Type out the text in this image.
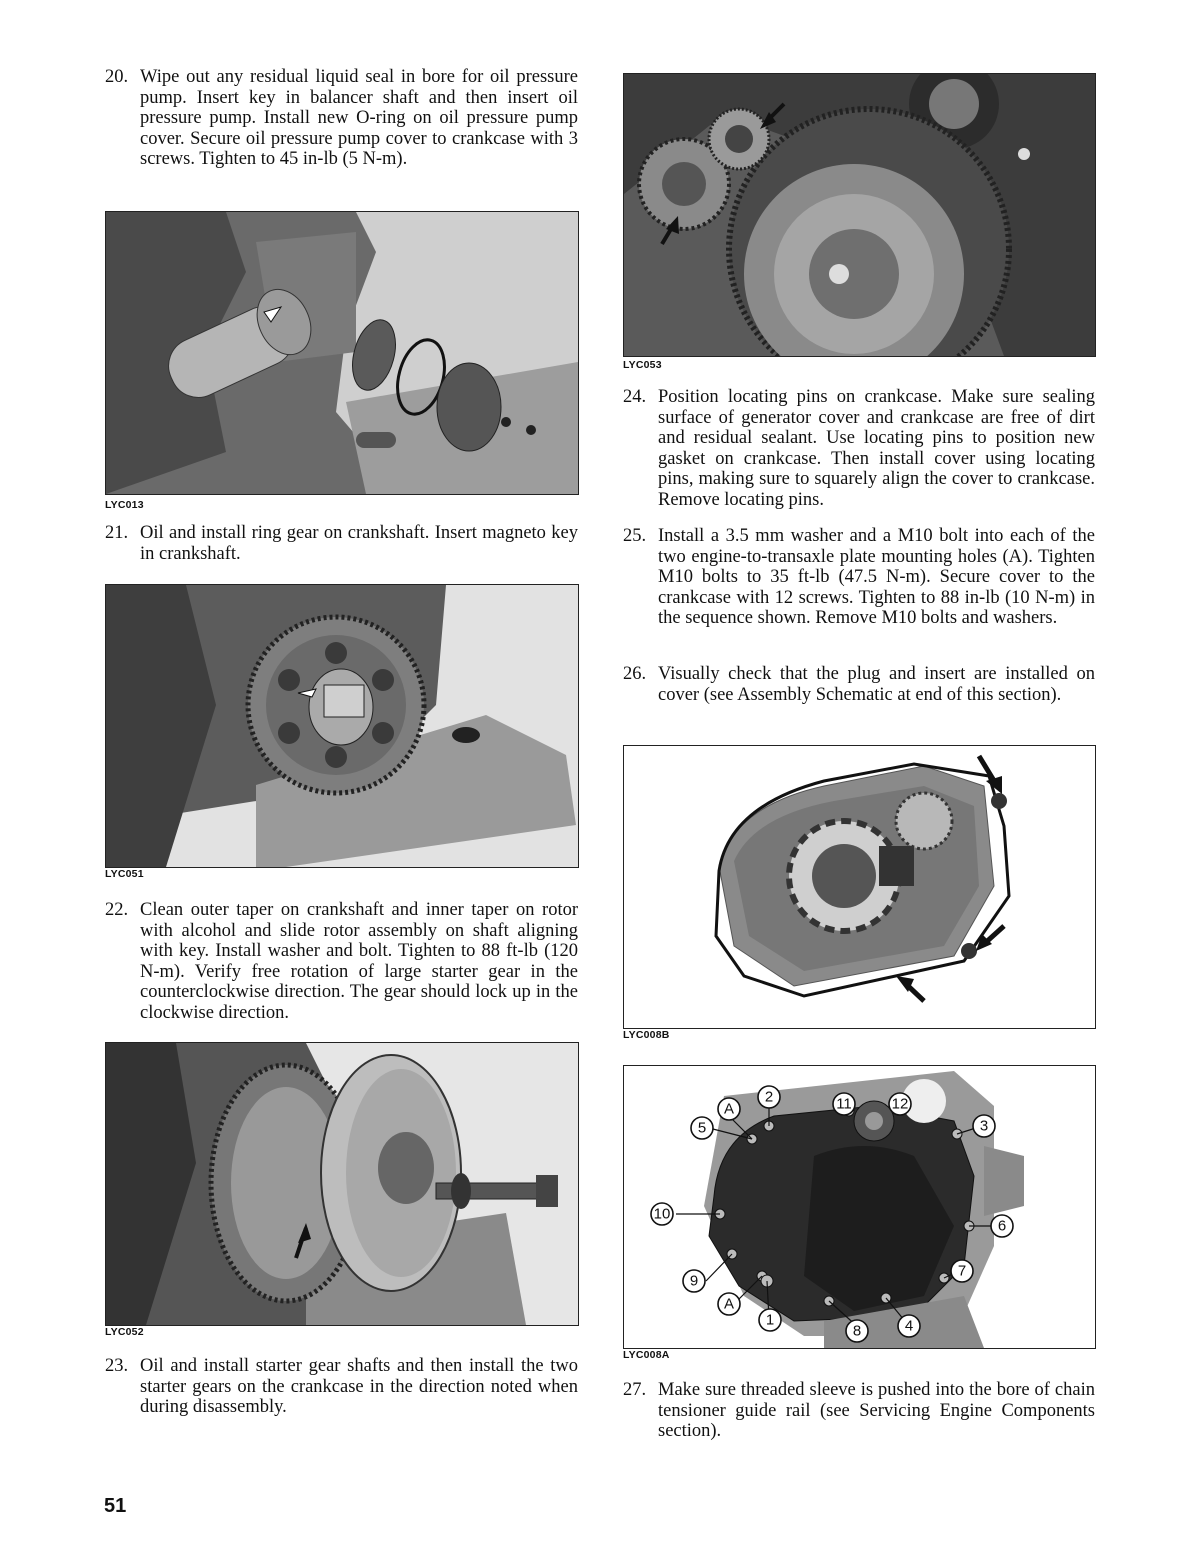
20. Wipe out any residual liquid seal in bore for oil pressure pump. Insert key in balancer shaft and then insert oil pressure pump. Install new O-ring on oil pressure pump cover. Secure oil pressure pump cover to crankcase with 3 screws. Tighten to 45 in-lb (5 N-m).
LYC013
21. Oil and install ring gear on crankshaft. Insert magneto key in crankshaft.
LYC051
22. Clean outer taper on crankshaft and inner taper on rotor with alcohol and slide rotor assembly on shaft aligning with key. Install washer and bolt. Tighten to 88 ft-lb (120 N-m). Verify free rotation of large starter gear in the counterclockwise direction. The gear should lock up in the clockwise direction.
LYC052
23. Oil and install starter gear shafts and then install the two starter gears on the crankcase in the direction noted when during disassembly.
LYC053
24. Position locating pins on crankcase. Make sure sealing surface of generator cover and crankcase are free of dirt and residual sealant. Use locating pins to position new gasket on crankcase. Then install cover using locating pins, making sure to squarely align the cover to crankcase. Remove locating pins.
25. Install a 3.5 mm washer and a M10 bolt into each of the two engine-to-transaxle plate mounting holes (A). Tighten M10 bolts to 35 ft-lb (47.5 N-m). Secure cover to the crankcase with 12 screws. Tighten to 88 in-lb (10 N-m) in the sequence shown. Remove M10 bolts and washers.
26. Visually check that the plug and insert are installed on cover (see Assembly Schematic at end of this section).
LYC008B
A
2	11	12
5	3
10
6
9
7
A
1
8	4
LYC008A
27. Make sure threaded sleeve is pushed into the bore of chain tensioner guide rail (see Servicing Engine Components section).
51
